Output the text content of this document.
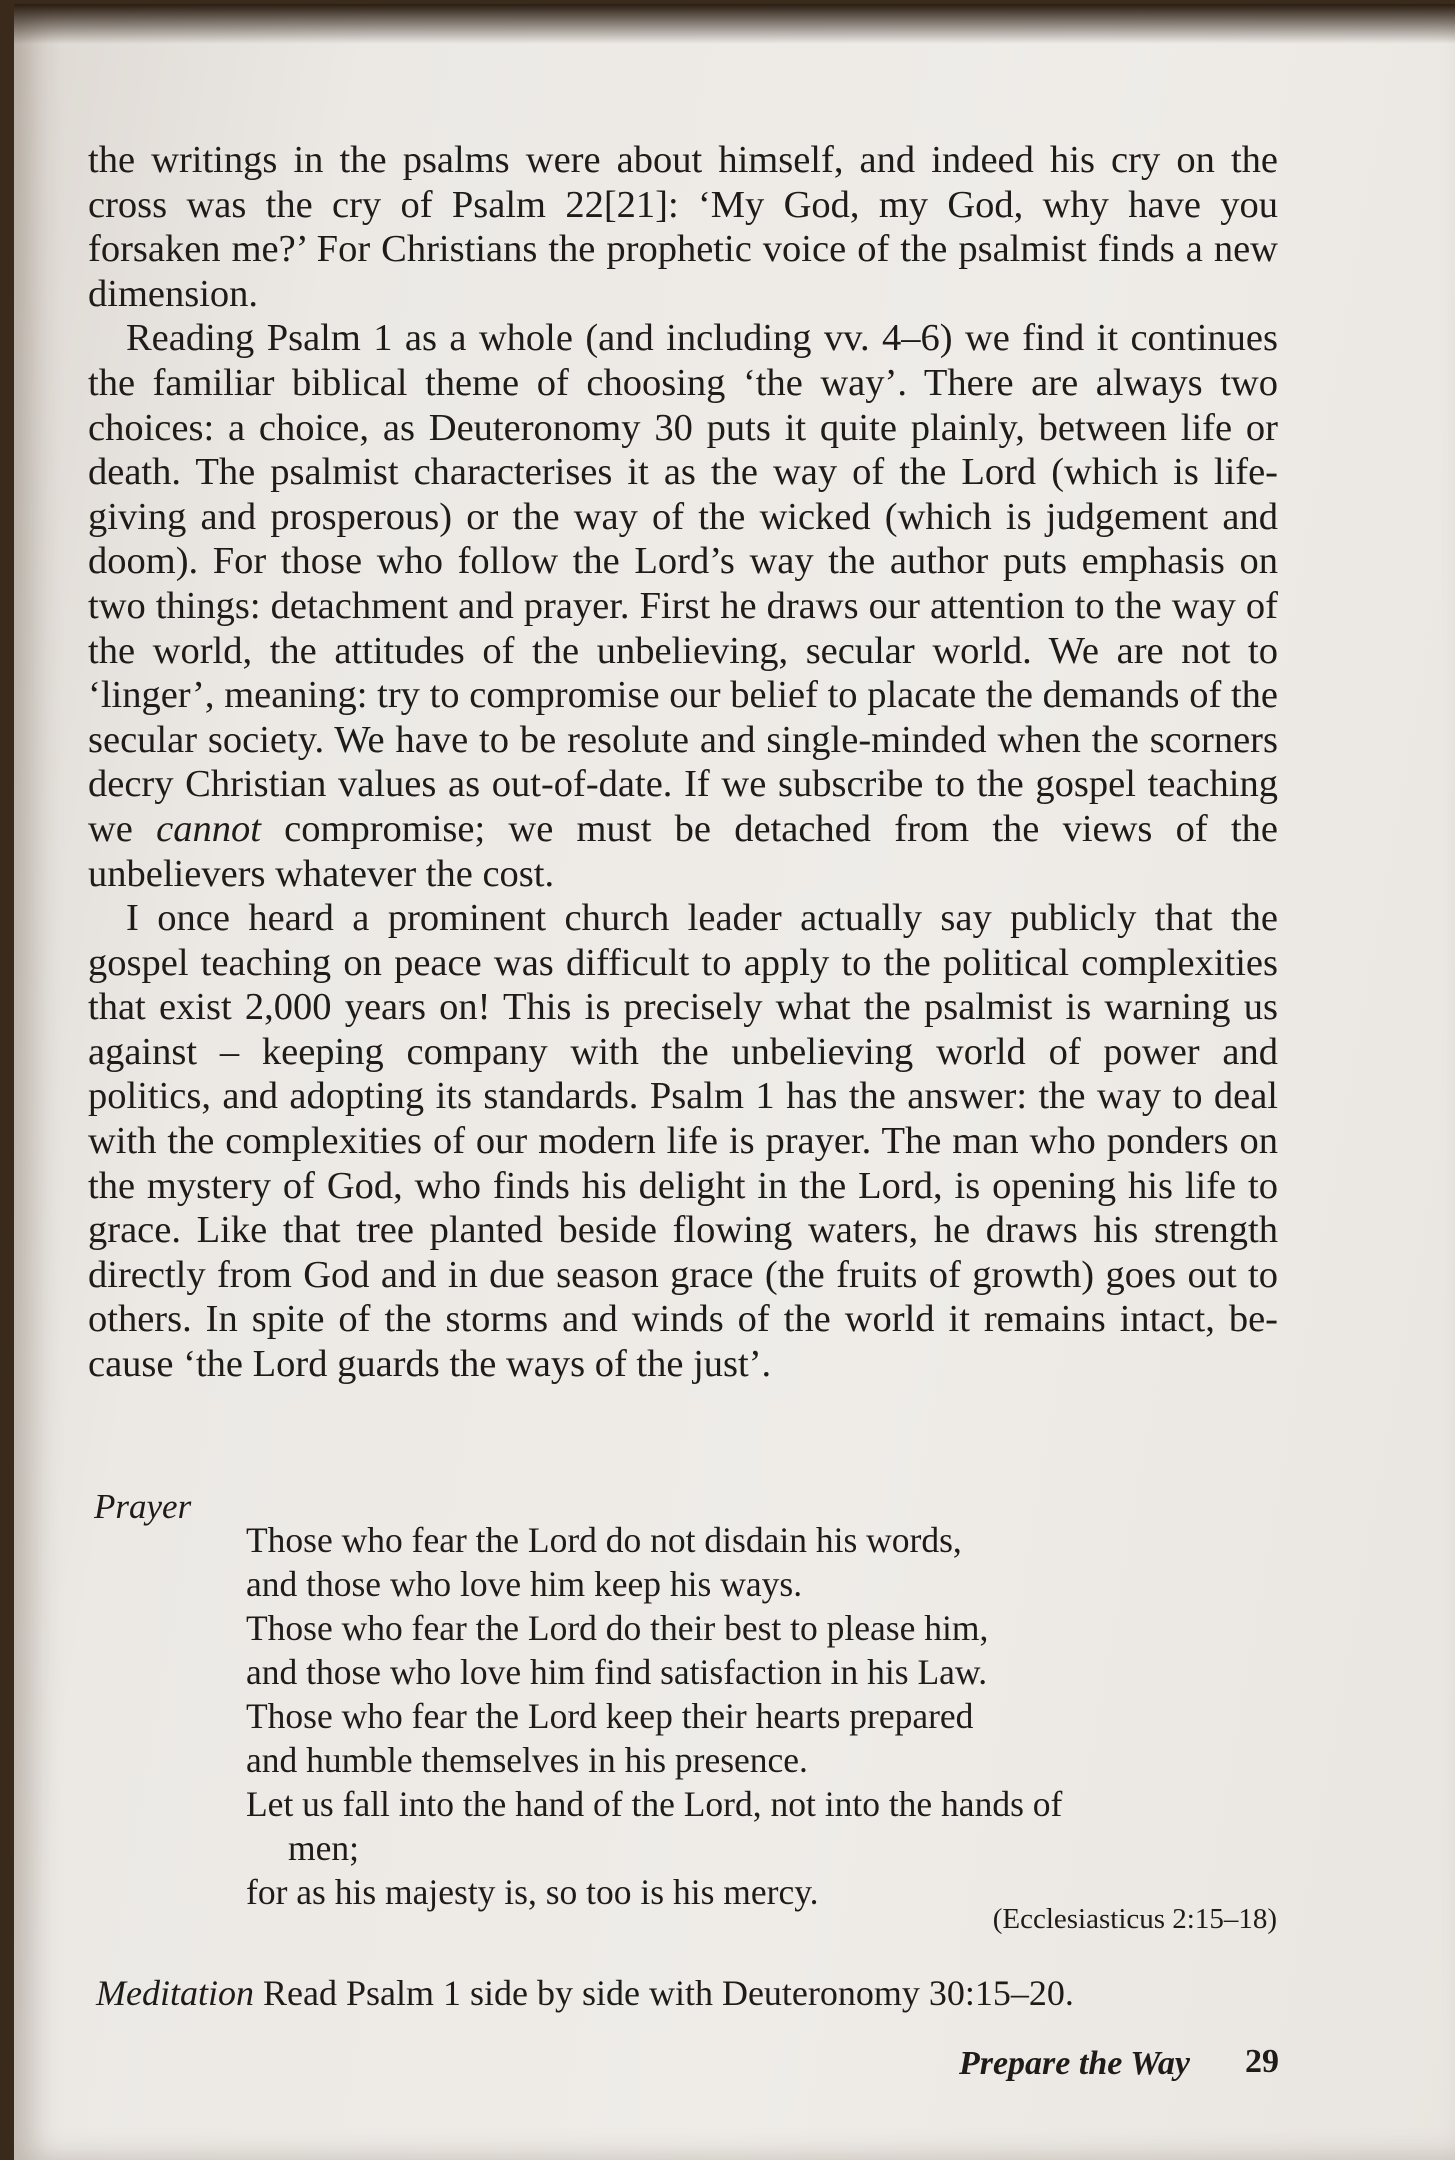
the writings in the psalms were about himself, and indeed his cry on the cross was the cry of Psalm 22[21]: ‘My God, my God, why have you forsaken me?’ For Christians the prophetic voice of the psalmist finds a new dimension.

Reading Psalm 1 as a whole (and including vv. 4–6) we find it continues the familiar biblical theme of choosing ‘the way’. There are always two choices: a choice, as Deuteronomy 30 puts it quite plainly, between life or death. The psalmist characterises it as the way of the Lord (which is life-giving and prosperous) or the way of the wicked (which is judgement and doom). For those who follow the Lord’s way the author puts emphasis on two things: detachment and prayer. First he draws our attention to the way of the world, the attitudes of the unbelieving, secular world. We are not to ‘linger’, meaning: try to compromise our belief to placate the demands of the secular society. We have to be resolute and single-minded when the scorners decry Christian values as out-of-date. If we subscribe to the gospel teaching we cannot compromise; we must be detached from the views of the unbelievers whatever the cost.

I once heard a prominent church leader actually say publicly that the gospel teaching on peace was difficult to apply to the political complexities that exist 2,000 years on! This is precisely what the psalmist is warning us against – keeping company with the unbelieving world of power and politics, and adopting its standards. Psalm 1 has the answer: the way to deal with the complexities of our modern life is prayer. The man who ponders on the mystery of God, who finds his delight in the Lord, is opening his life to grace. Like that tree planted beside flowing waters, he draws his strength directly from God and in due season grace (the fruits of growth) goes out to others. In spite of the storms and winds of the world it remains intact, because ‘the Lord guards the ways of the just’.

Prayer
Those who fear the Lord do not disdain his words,
and those who love him keep his ways.
Those who fear the Lord do their best to please him,
and those who love him find satisfaction in his Law.
Those who fear the Lord keep their hearts prepared
and humble themselves in his presence.
Let us fall into the hand of the Lord, not into the hands of
men;
for as his majesty is, so too is his mercy.
(Ecclesiasticus 2:15–18)
Meditation Read Psalm 1 side by side with Deuteronomy 30:15–20.
Prepare the Way 29
